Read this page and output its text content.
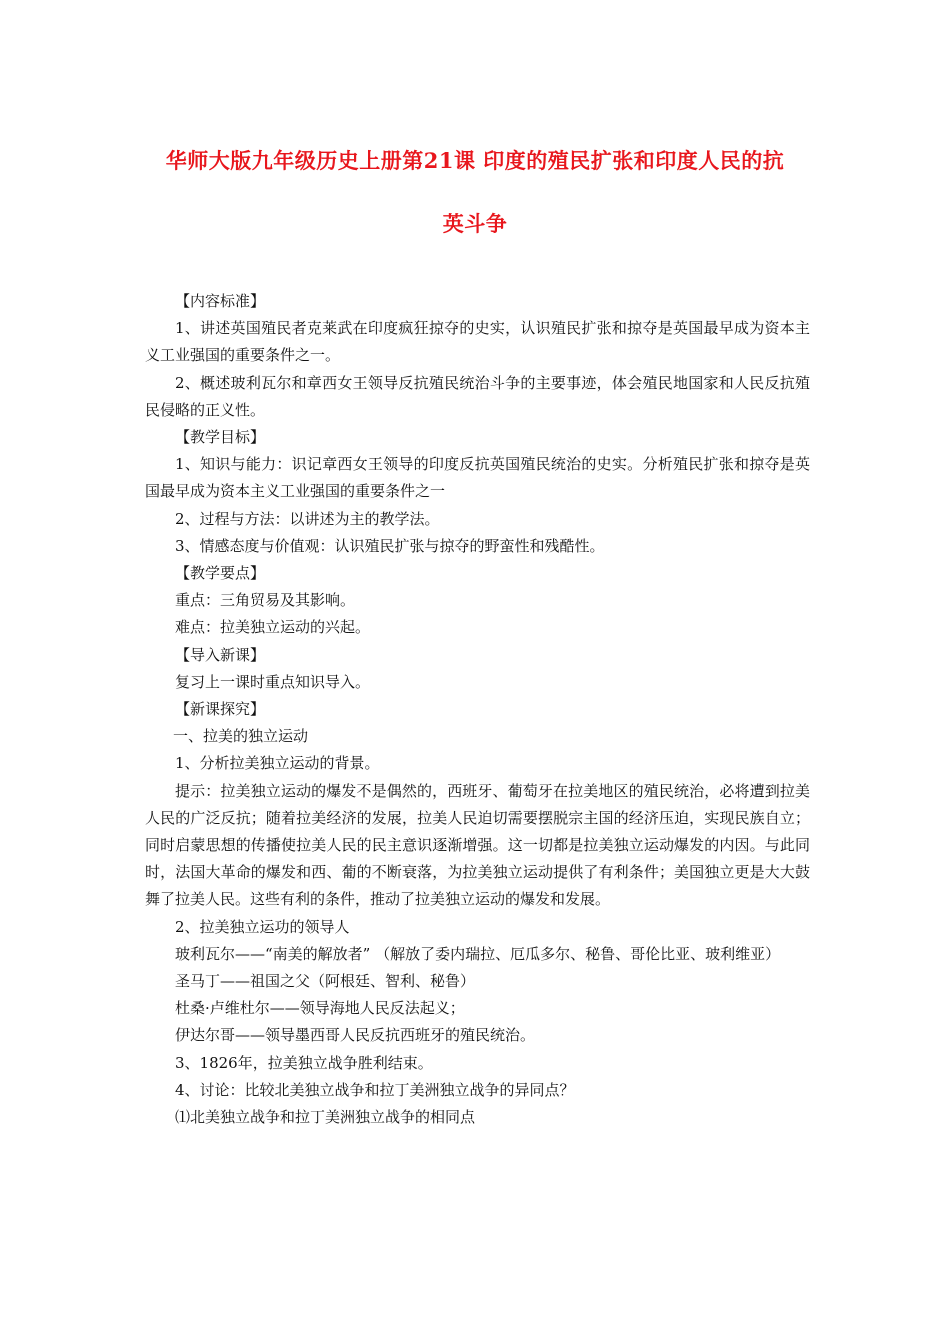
华师大版九年级历史上册第21课 印度的殖民扩张和印度人民的抗
英斗争

【内容标准】

1、讲述英国殖民者克莱武在印度疯狂掠夺的史实，认识殖民扩张和掠夺是英国最早成为资本主义工业强国的重要条件之一。

2、概述玻利瓦尔和章西女王领导反抗殖民统治斗争的主要事迹，体会殖民地国家和人民反抗殖民侵略的正义性。

【教学目标】

1、知识与能力：识记章西女王领导的印度反抗英国殖民统治的史实。分析殖民扩张和掠夺是英国最早成为资本主义工业强国的重要条件之一

2、过程与方法：以讲述为主的教学法。

3、情感态度与价值观：认识殖民扩张与掠夺的野蛮性和残酷性。

【教学要点】

重点：三角贸易及其影响。

难点：拉美独立运动的兴起。

【导入新课】

复习上一课时重点知识导入。

【新课探究】

一、拉美的独立运动

1、分析拉美独立运动的背景。

提示：拉美独立运动的爆发不是偶然的，西班牙、葡萄牙在拉美地区的殖民统治，必将遭到拉美人民的广泛反抗；随着拉美经济的发展，拉美人民迫切需要摆脱宗主国的经济压迫，实现民族自立；同时启蒙思想的传播使拉美人民的民主意识逐渐增强。这一切都是拉美独立运动爆发的内因。与此同时，法国大革命的爆发和西、葡的不断衰落，为拉美独立运动提供了有利条件；美国独立更是大大鼓舞了拉美人民。这些有利的条件，推动了拉美独立运动的爆发和发展。

2、拉美独立运功的领导人

玻利瓦尔——“南美的解放者” （解放了委内瑞拉、厄瓜多尔、秘鲁、哥伦比亚、玻利维亚）

圣马丁——祖国之父（阿根廷、智利、秘鲁）

杜桑·卢维杜尔——领导海地人民反法起义；

伊达尔哥——领导墨西哥人民反抗西班牙的殖民统治。

3、1826年，拉美独立战争胜利结束。

4、讨论：比较北美独立战争和拉丁美洲独立战争的异同点？

⑴北美独立战争和拉丁美洲独立战争的相同点
